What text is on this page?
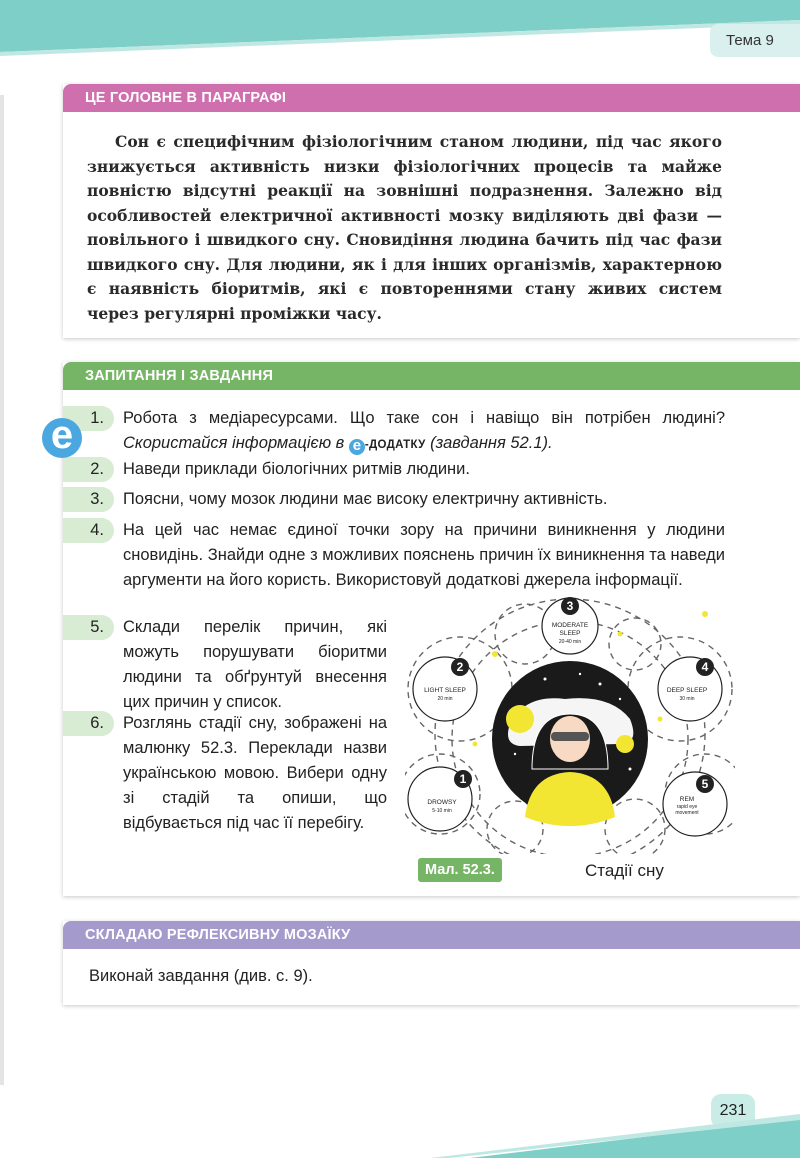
Тема 9
ЦЕ ГОЛОВНЕ В ПАРАГРАФІ

Сон є специфічним фізіологічним станом людини, під час якого знижується активність низки фізіологічних процесів та майже повністю відсутні реакції на зовнішні подразнення. Залежно від особливостей електричної активності мозку виділяють дві фази — повільного і швидкого сну. Сновидіння людина бачить під час фази швидкого сну. Для людини, як і для інших організмів, характерною є наявність біоритмів, які є повтореннями стану живих систем через регулярні проміжки часу.

ЗАПИТАННЯ І ЗАВДАННЯ
1.	Робота з медіаресурсами. Що таке сон і навіщо він потрібен людині? Скористайся інформацією в e -ДОДАТКУ (завдання 52.1).
2.	Наведи приклади біологічних ритмів людини.
3.	Поясни, чому мозок людини має високу електричну активність.
4.	На цей час немає єдиної точки зору на причини виникнення у людини сновидінь. Знайди одне з можливих пояснень причин їх виникнення та наведи аргументи на його користь. Використовуй додаткові джерела інформації.
5.	Склади перелік причин, які можуть порушувати біоритми людини та обґрунтуй внесення цих причин у список.
6.	Розглянь стадії сну, зображені на малюнку 52.3. Переклади назви українською мовою. Вибери одну зі стадій та опиши, що відбувається під час її перебігу.
e
3
2	4
1	5
MODERATE
SLEEP
20-40 min
LIGHT SLEEP
20 min
DEEP SLEEP
30 min
DROWSY
5-10 min
REM
rapid eye
movement
Мал. 52.3.	Стадії сну
СКЛАДАЮ РЕФЛЕКСИВНУ МОЗАЇКУ
Виконай завдання (див. с. 9).
231
